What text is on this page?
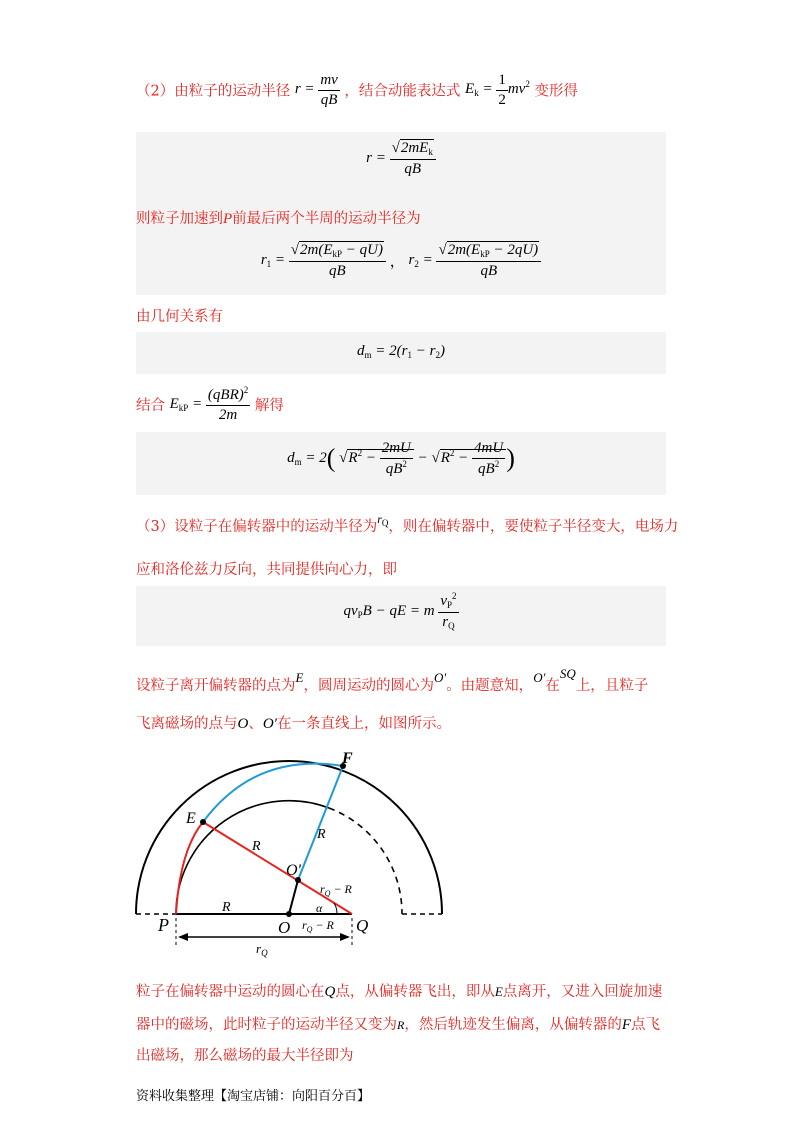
（2）由粒子的运动半径 $r = \frac{mv}{qB}$ ，结合动能表达式 $E_k = \frac{1}{2} mv^2$ 变形得
$r = \frac{√2mE_k}{qB}$
则粒子加速到P前最后两个半周的运动半径为
$r_1 = \frac{√2m(E_{kP} - qU)}{qB}$ ， $r_2 = \frac{√2m(E_{kP} - 2qU)}{qB}$
由几何关系有
$d_m = 2(r_1 - r_2)$
结合 $E_{kP} = \frac{(qBR)^2}{2m}$ 解得
$d_m = 2$( $√R^2 - \frac{2mU}{qB^2} - √R^2 - \frac{4mU}{qB^2}$ )
（3）设粒子在偏转器中的运动半径为$^{r_Q}$，则在偏转器中，要使粒子半径变大，电场力
应和洛伦兹力反向，共同提供向心力，即
$qv_PB$ − qE = m $\frac{v_P^2}{r_Q}$
设粒子离开偏转器的点为E，圆周运动的圆心为O′。由题意知，O′在SQ上，且粒子
飞离磁场的点与O、O′在一条直线上，如图所示。
F
E
R
R
O′
$r_Q - R$
α
R
P	O $r_Q - R$ Q
$r_Q$
粒子在偏转器中运动的圆心在Q点，从偏转器飞出，即从E点离开，又进入回旋加速
器中的磁场，此时粒子的运动半径又变为R，然后轨迹发生偏离，从偏转器的F点飞
出磁场，那么磁场的最大半径即为
资料收集整理【淘宝店铺：向阳百分百】
